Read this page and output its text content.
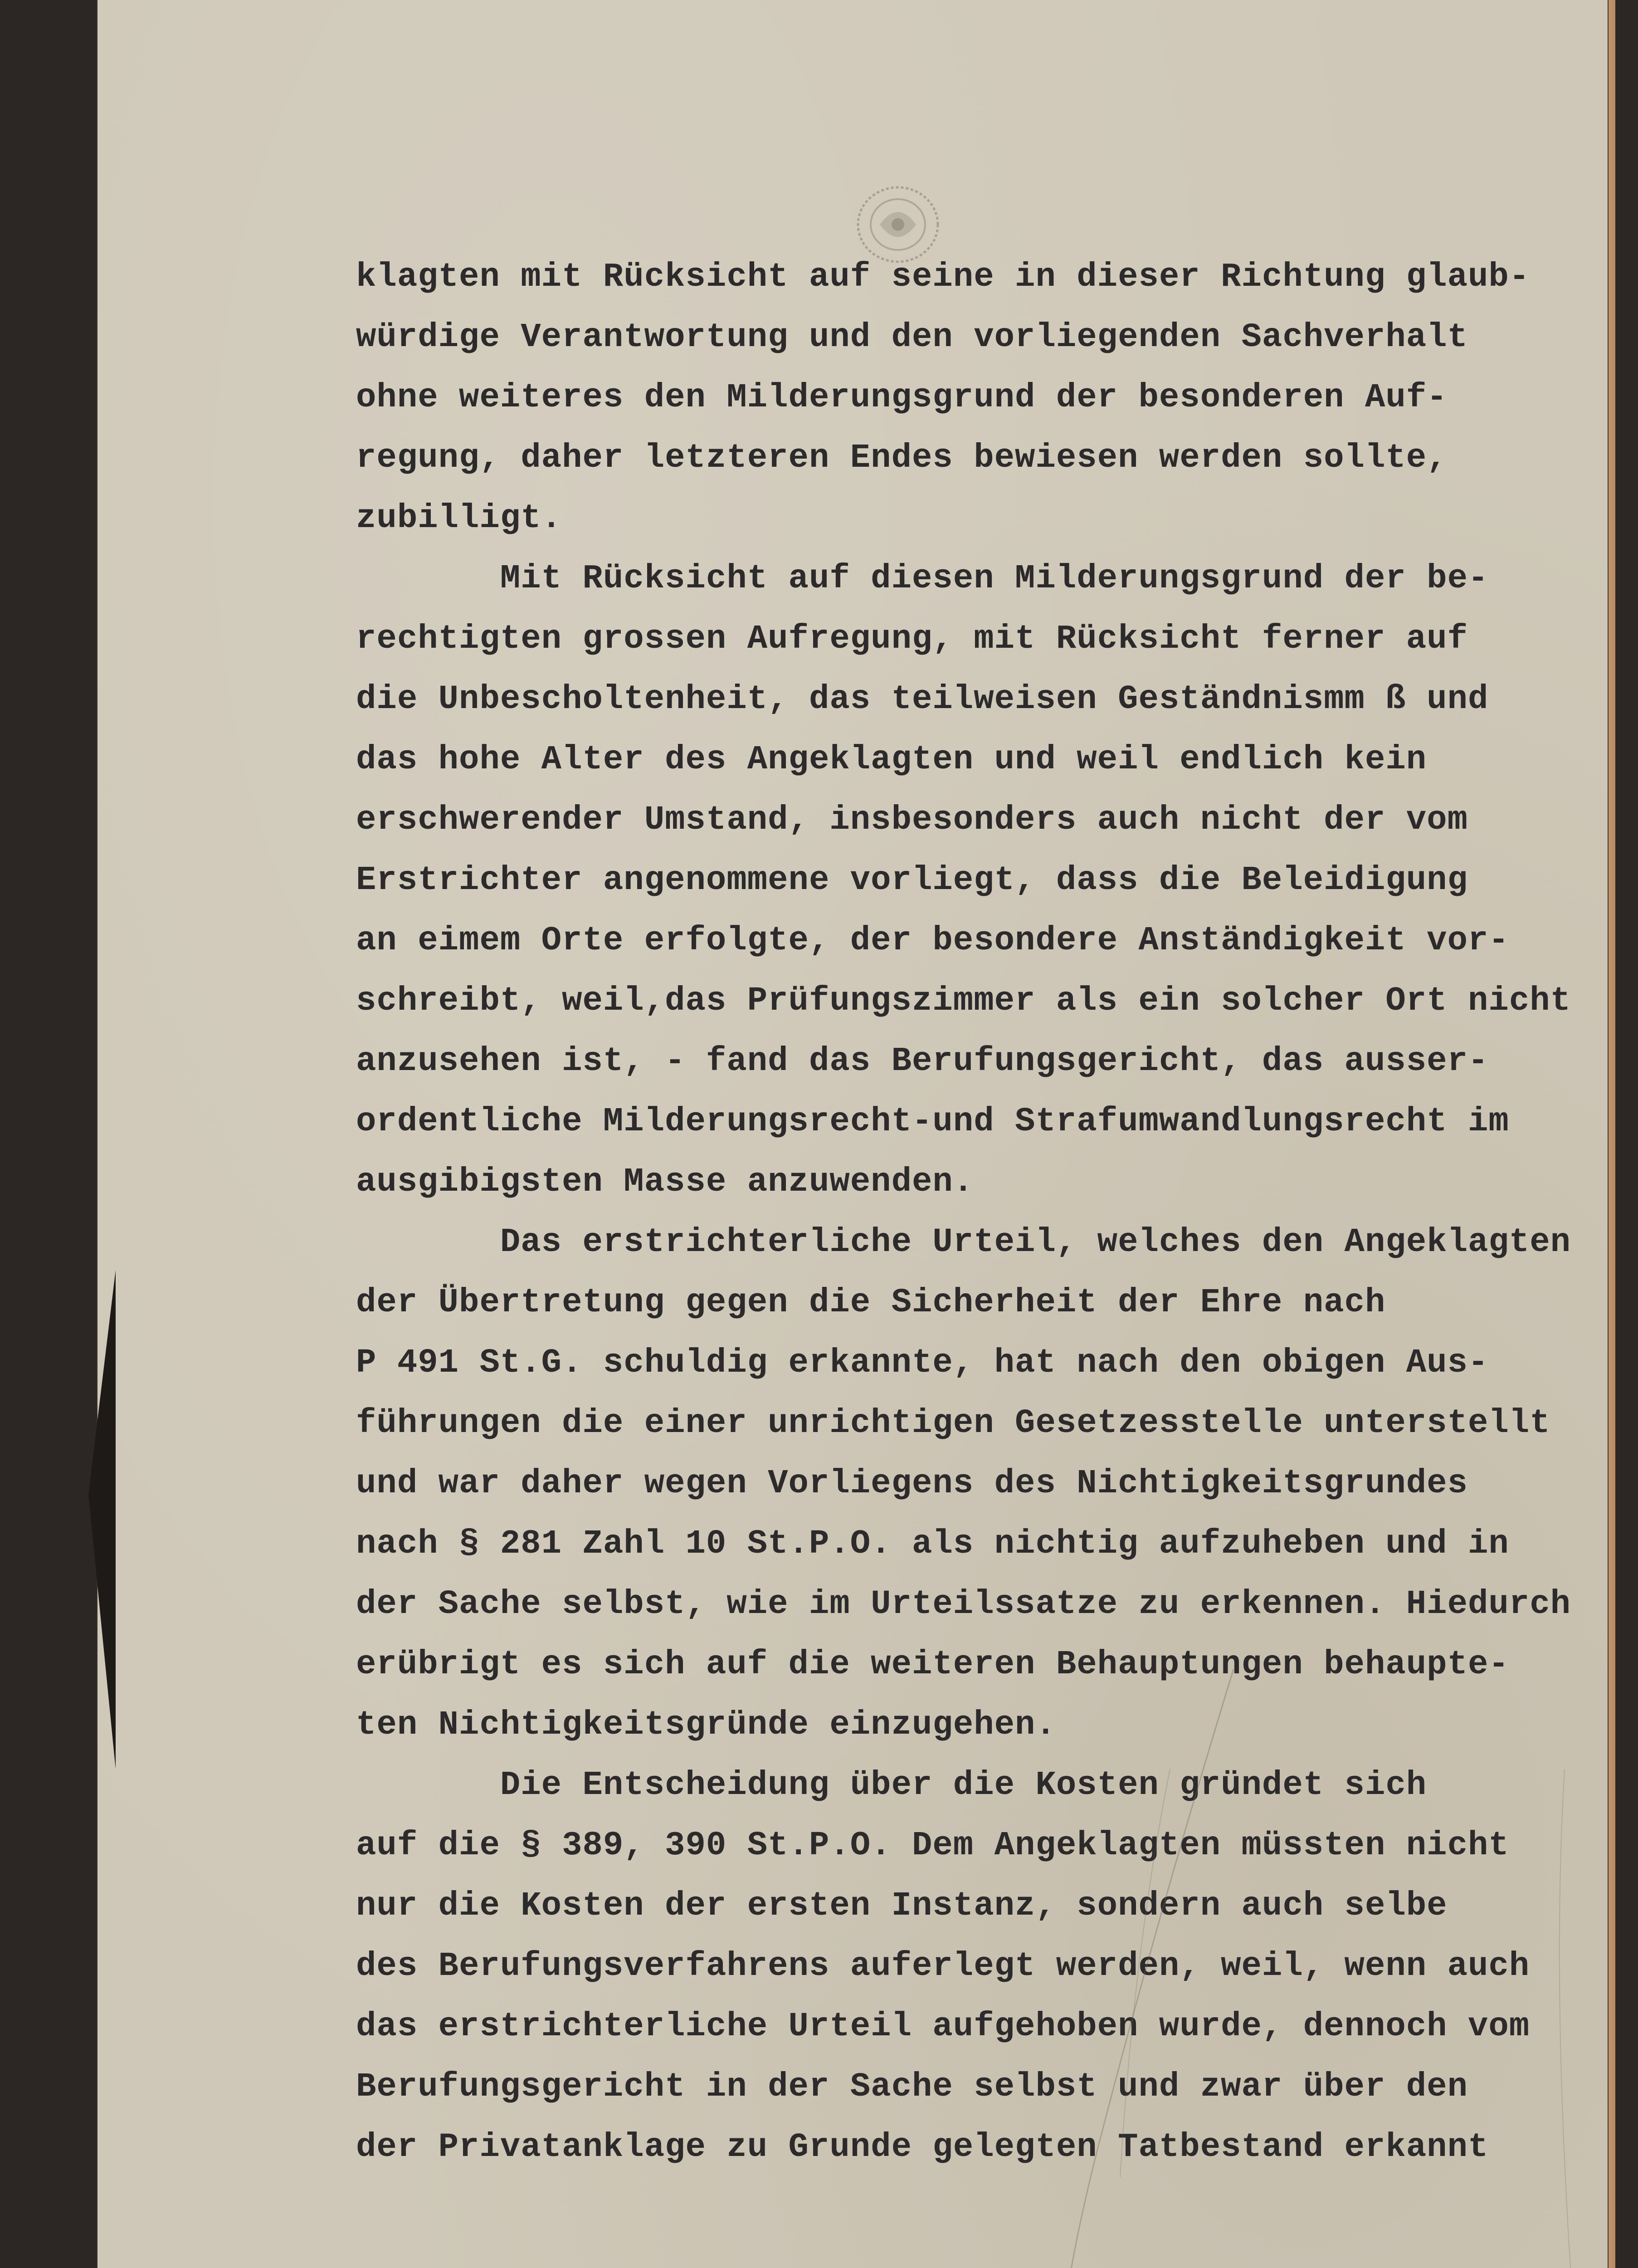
klagten mit Rücksicht auf seine in dieser Richtung glaub-
würdige Verantwortung und den vorliegenden Sachverhalt
ohne weiteres den Milderungsgrund der besonderen Auf-
regung, daher letzteren Endes bewiesen werden sollte,
zubilligt.
Mit Rücksicht auf diesen Milderungsgrund der be-
rechtigten grossen Aufregung, mit Rücksicht ferner auf
die Unbescholtenheit, das teilweisen Geständnismm ß und
das hohe Alter des Angeklagten und weil endlich kein
erschwerender Umstand, insbesonders auch nicht der vom
Erstrichter angenommene vorliegt, dass die Beleidigung
an eimem Orte erfolgte, der besondere Anständigkeit vor-
schreibt, weil,das Prüfungszimmer als ein solcher Ort nicht
anzusehen ist, - fand das Berufungsgericht, das ausser-
ordentliche Milderungsrecht-und Strafumwandlungsrecht im
ausgibigsten Masse anzuwenden.
Das erstrichterliche Urteil, welches den Angeklagten
der Übertretung gegen die Sicherheit der Ehre nach
P 491 St.G. schuldig erkannte, hat nach den obigen Aus-
führungen die einer unrichtigen Gesetzesstelle unterstellt
und war daher wegen Vorliegens des Nichtigkeitsgrundes
nach § 281 Zahl 10 St.P.O. als nichtig aufzuheben und in
der Sache selbst, wie im Urteilssatze zu erkennen. Hiedurch
erübrigt es sich auf die weiteren Behauptungen behaupte-
ten Nichtigkeitsgründe einzugehen.
Die Entscheidung über die Kosten gründet sich
auf die § 389, 390 St.P.O. Dem Angeklagten müssten nicht
nur die Kosten der ersten Instanz, sondern auch selbe
des Berufungsverfahrens auferlegt werden, weil, wenn auch
das erstrichterliche Urteil aufgehoben wurde, dennoch vom
Berufungsgericht in der Sache selbst und zwar über den
der Privatanklage zu Grunde gelegten Tatbestand erkannt
